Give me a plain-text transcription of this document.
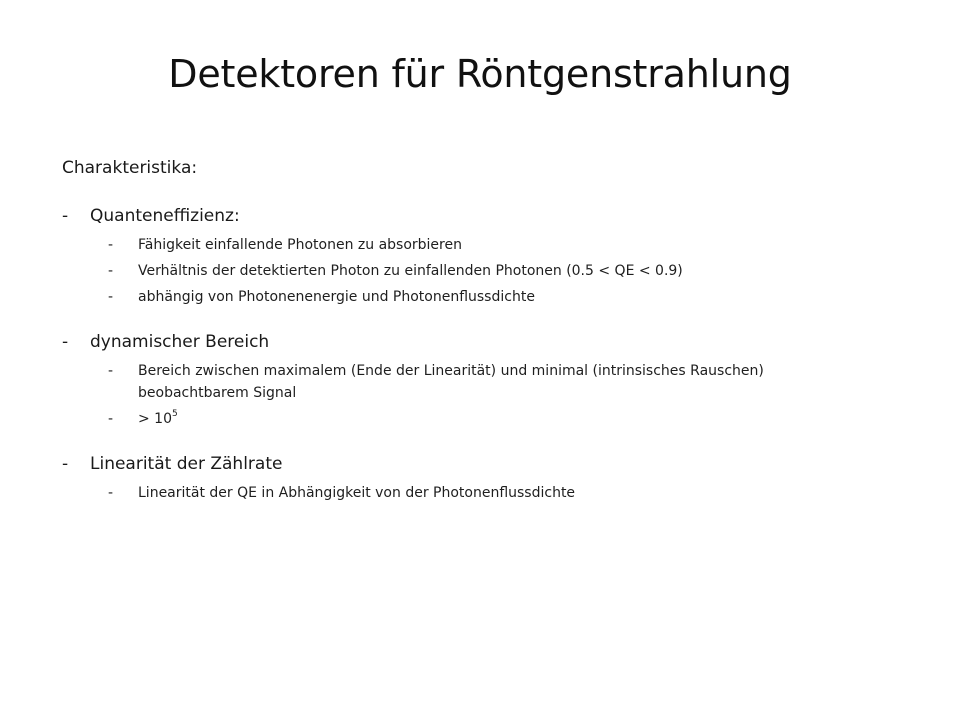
Detektoren für Röntgenstrahlung
Charakteristika:
-	Quanteneffizienz:
-	Fähigkeit einfallende Photonen zu absorbieren
-	Verhältnis der detektierten Photon zu einfallenden Photonen (0.5 < QE < 0.9)
-	abhängig von Photonenenergie und Photonenflussdichte
-	dynamischer Bereich
-	Bereich zwischen maximalem (Ende der Linearität) und minimal (intrinsisches Rauschen) beobachtbarem Signal
-	> $10^5$
-	Linearität der Zählrate
-	Linearität der QE in Abhängigkeit von der Photonenflussdichte
